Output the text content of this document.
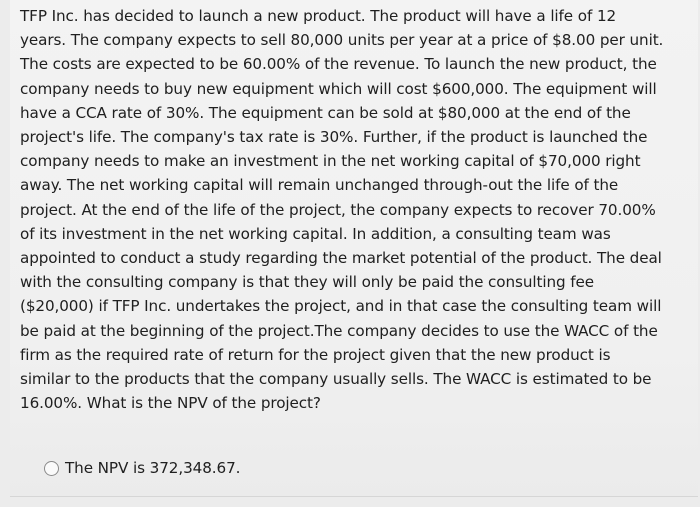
TFP Inc. has decided to launch a new product. The product will have a life of 12
years. The company expects to sell 80,000 units per year at a price of $8.00 per unit.
The costs are expected to be 60.00% of the revenue. To launch the new product, the
company needs to buy new equipment which will cost $600,000. The equipment will
have a CCA rate of 30%. The equipment can be sold at $80,000 at the end of the
project's life. The company's tax rate is 30%. Further, if the product is launched the
company needs to make an investment in the net working capital of $70,000 right
away. The net working capital will remain unchanged through-out the life of the
project. At the end of the life of the project, the company expects to recover 70.00%
of its investment in the net working capital. In addition, a consulting team was
appointed to conduct a study regarding the market potential of the product. The deal
with the consulting company is that they will only be paid the consulting fee
($20,000) if TFP Inc. undertakes the project, and in that case the consulting team will
be paid at the beginning of the project.The company decides to use the WACC of the
firm as the required rate of return for the project given that the new product is
similar to the products that the company usually sells. The WACC is estimated to be
16.00%. What is the NPV of the project?

The NPV is 372,348.67.
